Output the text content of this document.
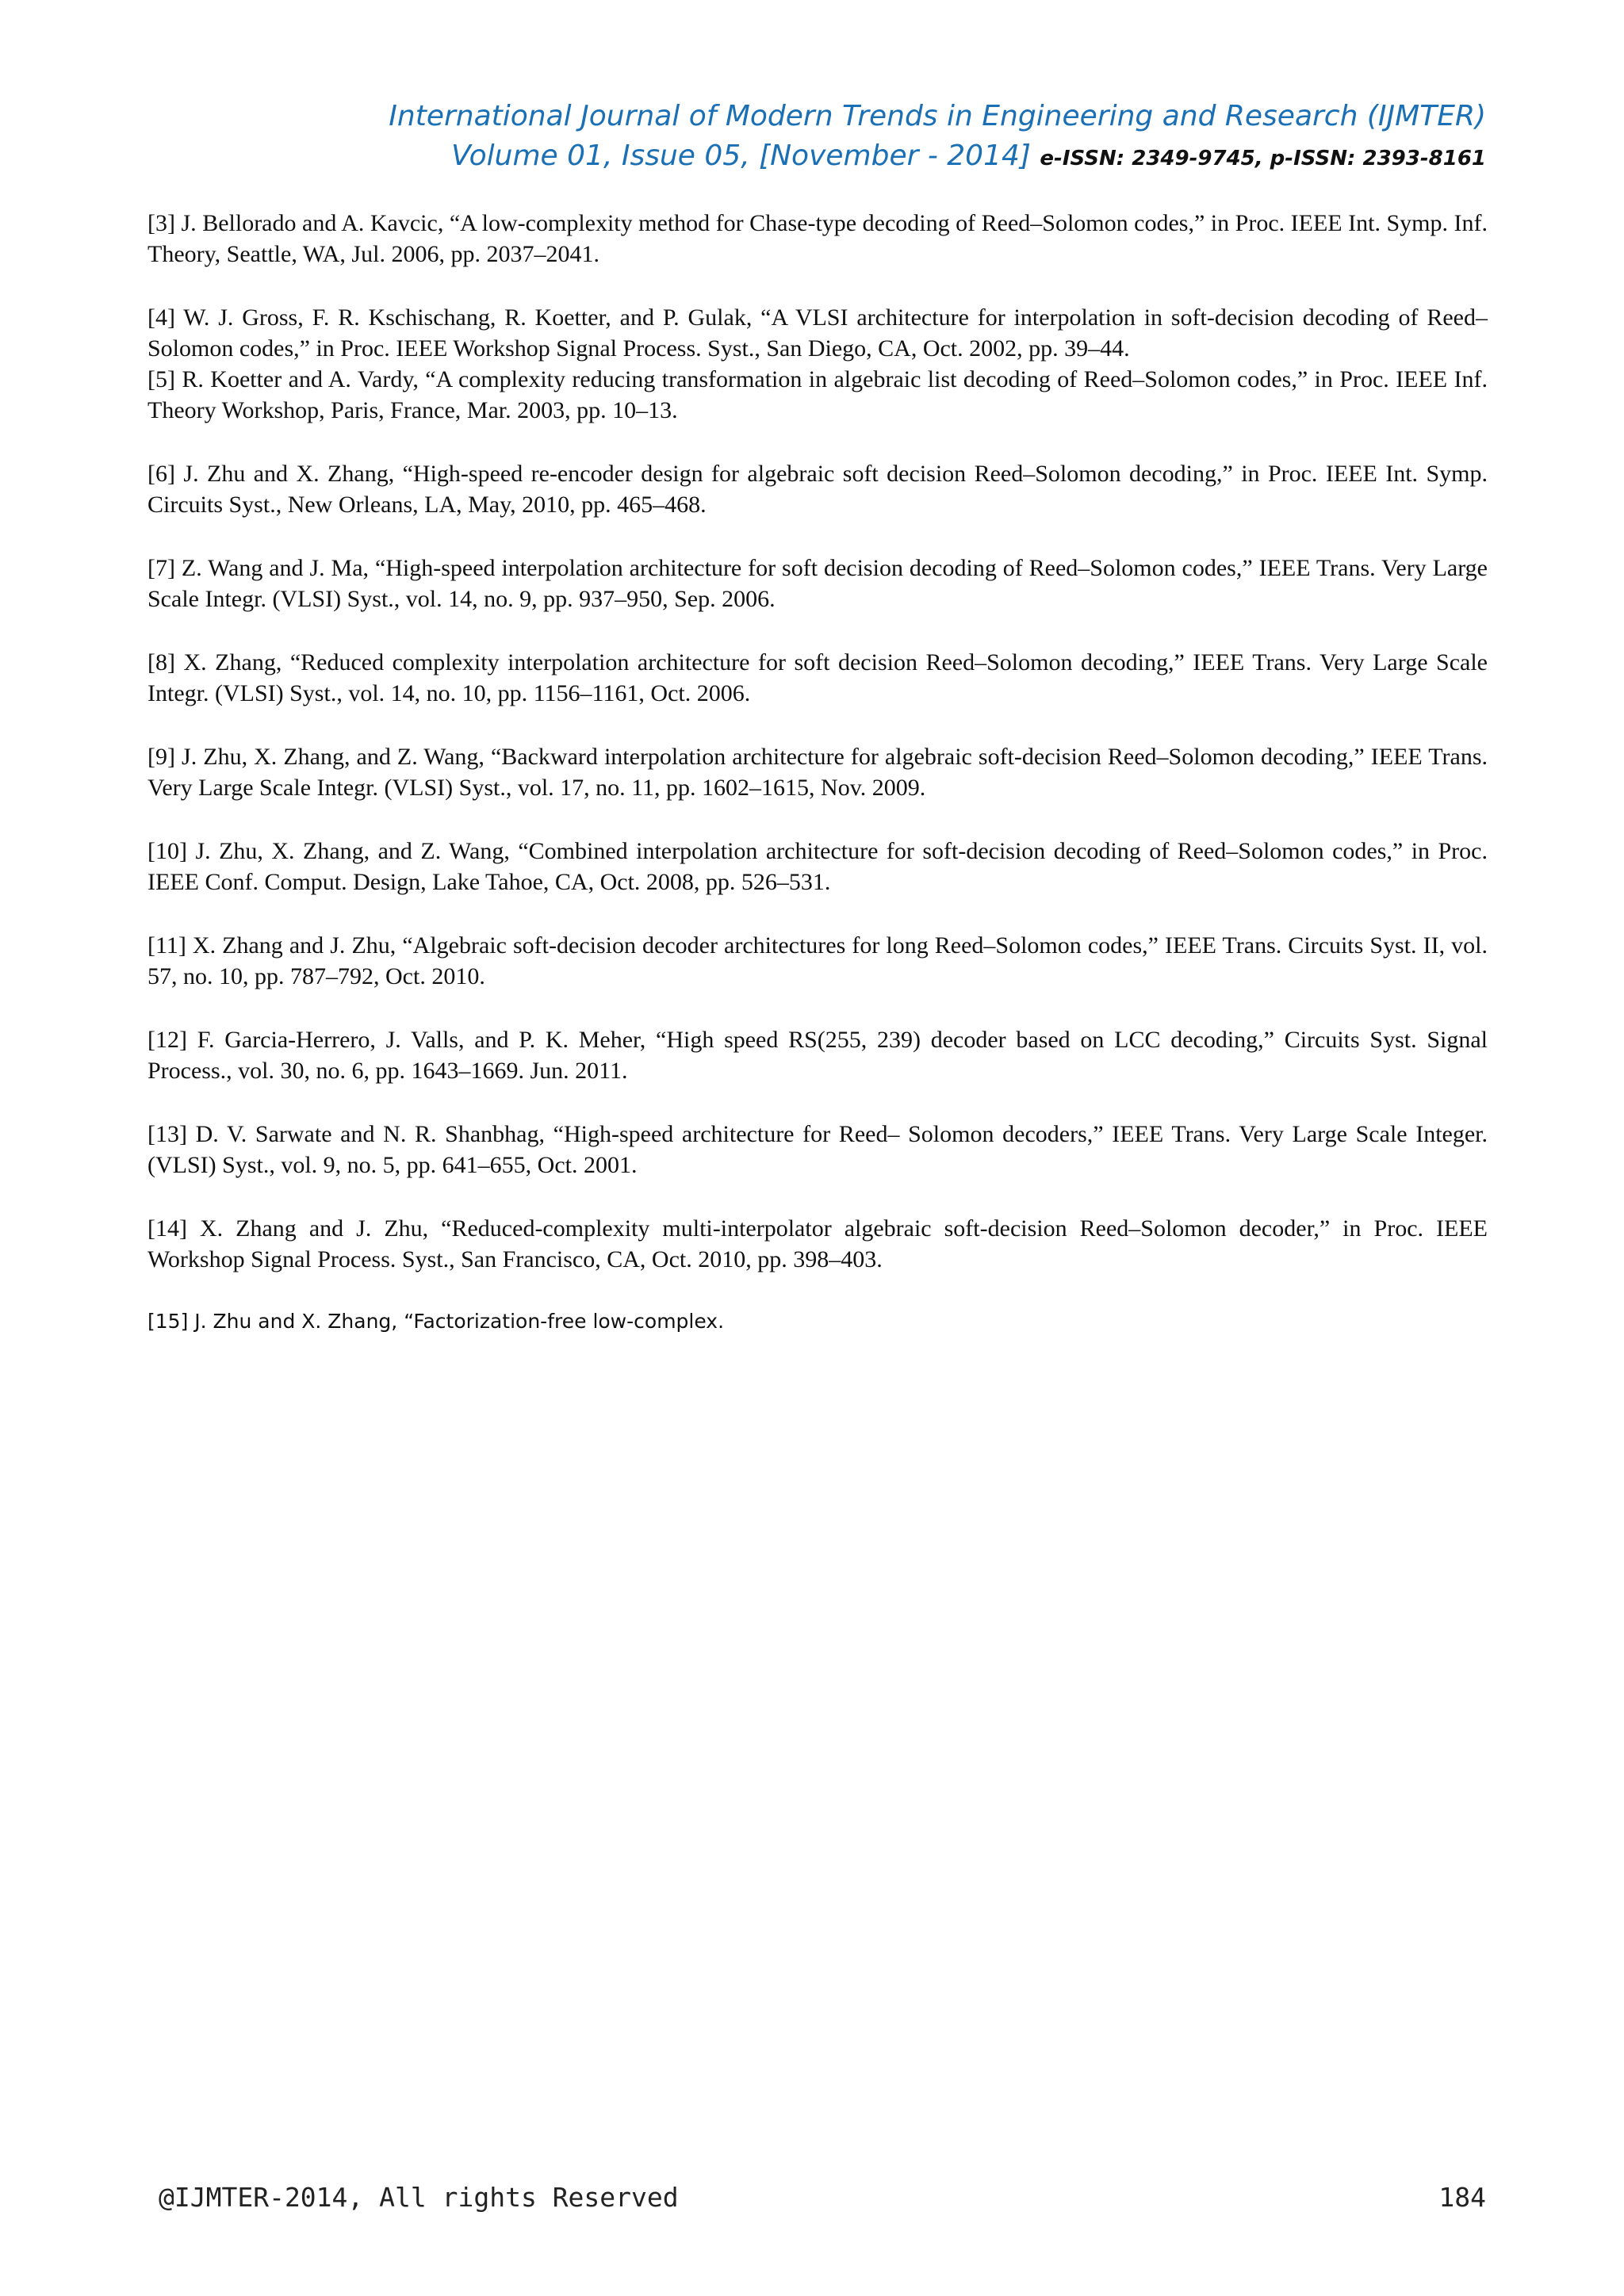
International Journal of Modern Trends in Engineering and Research (IJMTER)
Volume 01, Issue 05, [November - 2014] e-ISSN: 2349-9745, p-ISSN: 2393-8161

[3] J. Bellorado and A. Kavcic, “A low-complexity method for Chase-type decoding of Reed–Solomon codes,” in Proc. IEEE Int. Symp. Inf. Theory, Seattle, WA, Jul. 2006, pp. 2037–2041.

[4] W. J. Gross, F. R. Kschischang, R. Koetter, and P. Gulak, “A VLSI architecture for interpolation in soft-decision decoding of Reed–Solomon codes,” in Proc. IEEE Workshop Signal Process. Syst., San Diego, CA, Oct. 2002, pp. 39–44.

[5] R. Koetter and A. Vardy, “A complexity reducing transformation in algebraic list decoding of Reed–Solomon codes,” in Proc. IEEE Inf. Theory Workshop, Paris, France, Mar. 2003, pp. 10–13.

[6] J. Zhu and X. Zhang, “High-speed re-encoder design for algebraic soft decision Reed–Solomon decoding,” in Proc. IEEE Int. Symp. Circuits Syst., New Orleans, LA, May, 2010, pp. 465–468.

[7] Z. Wang and J. Ma, “High-speed interpolation architecture for soft decision decoding of Reed–Solomon codes,” IEEE Trans. Very Large Scale Integr. (VLSI) Syst., vol. 14, no. 9, pp. 937–950, Sep. 2006.

[8] X. Zhang, “Reduced complexity interpolation architecture for soft decision Reed–Solomon decoding,” IEEE Trans. Very Large Scale Integr. (VLSI) Syst., vol. 14, no. 10, pp. 1156–1161, Oct. 2006.

[9] J. Zhu, X. Zhang, and Z. Wang, “Backward interpolation architecture for algebraic soft-decision Reed–Solomon decoding,” IEEE Trans. Very Large Scale Integr. (VLSI) Syst., vol. 17, no. 11, pp. 1602–1615, Nov. 2009.

[10] J. Zhu, X. Zhang, and Z. Wang, “Combined interpolation architecture for soft-decision decoding of Reed–Solomon codes,” in Proc. IEEE Conf. Comput. Design, Lake Tahoe, CA, Oct. 2008, pp. 526–531.

[11] X. Zhang and J. Zhu, “Algebraic soft-decision decoder architectures for long Reed–Solomon codes,” IEEE Trans. Circuits Syst. II, vol. 57, no. 10, pp. 787–792, Oct. 2010.

[12] F. Garcia-Herrero, J. Valls, and P. K. Meher, “High speed RS(255, 239) decoder based on LCC decoding,” Circuits Syst. Signal Process., vol. 30, no. 6, pp. 1643–1669. Jun. 2011.

[13] D. V. Sarwate and N. R. Shanbhag, “High-speed architecture for Reed– Solomon decoders,” IEEE Trans. Very Large Scale Integer. (VLSI) Syst., vol. 9, no. 5, pp. 641–655, Oct. 2001.

[14] X. Zhang and J. Zhu, “Reduced-complexity multi-interpolator algebraic soft-decision Reed–Solomon decoder,” in Proc. IEEE Workshop Signal Process. Syst., San Francisco, CA, Oct. 2010, pp. 398–403.

[15] J. Zhu and X. Zhang, “Factorization-free low-complex.

@IJMTER-2014, All rights Reserved	184
